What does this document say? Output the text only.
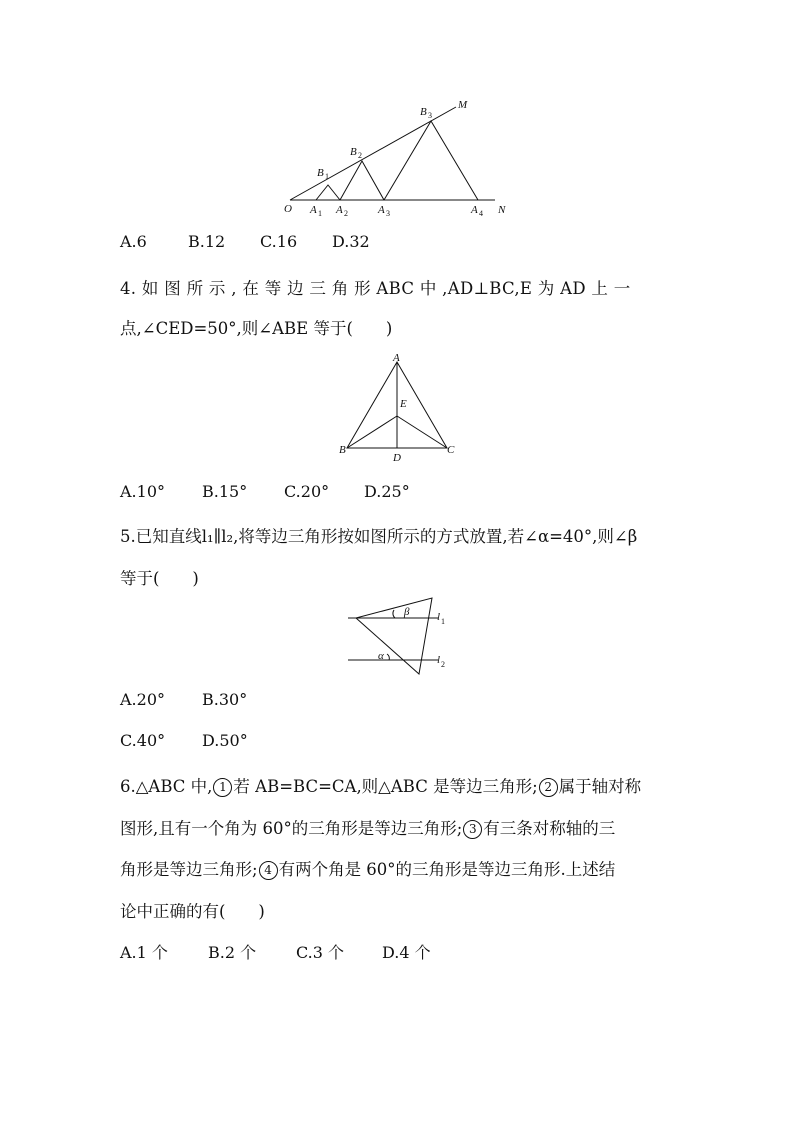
O A 1 A 2	A 3	A 4 N
B 1
B 2
B 3
M
A.6	B.12 C.16 D.32
4. 如 图 所 示 , 在 等 边 三 角 形 ABC 中 ,AD⊥BC,E 为 AD 上 一
点,∠CED=50°,则∠ABE 等于(　　)
A
B	C
D
E
A.10° B.15° C.20° D.25°
5.已知直线l₁∥l₂,将等边三角形按如图所示的方式放置,若∠α=40°,则∠β
等于(　　)
β
α
l 1
l 2
A.20° B.30°
C.40° D.50°
6.△ABC 中, 1 若 AB=BC=CA,则△ABC 是等边三角形; 2 属于轴对称
图形,且有一个角为 60°的三角形是等边三角形; 3 有三条对称轴的三
角形是等边三角形; 4 有两个角是 60°的三角形是等边三角形.上述结
论中正确的有(　　)
A.1 个	B.2 个 C.3 个 D.4 个
